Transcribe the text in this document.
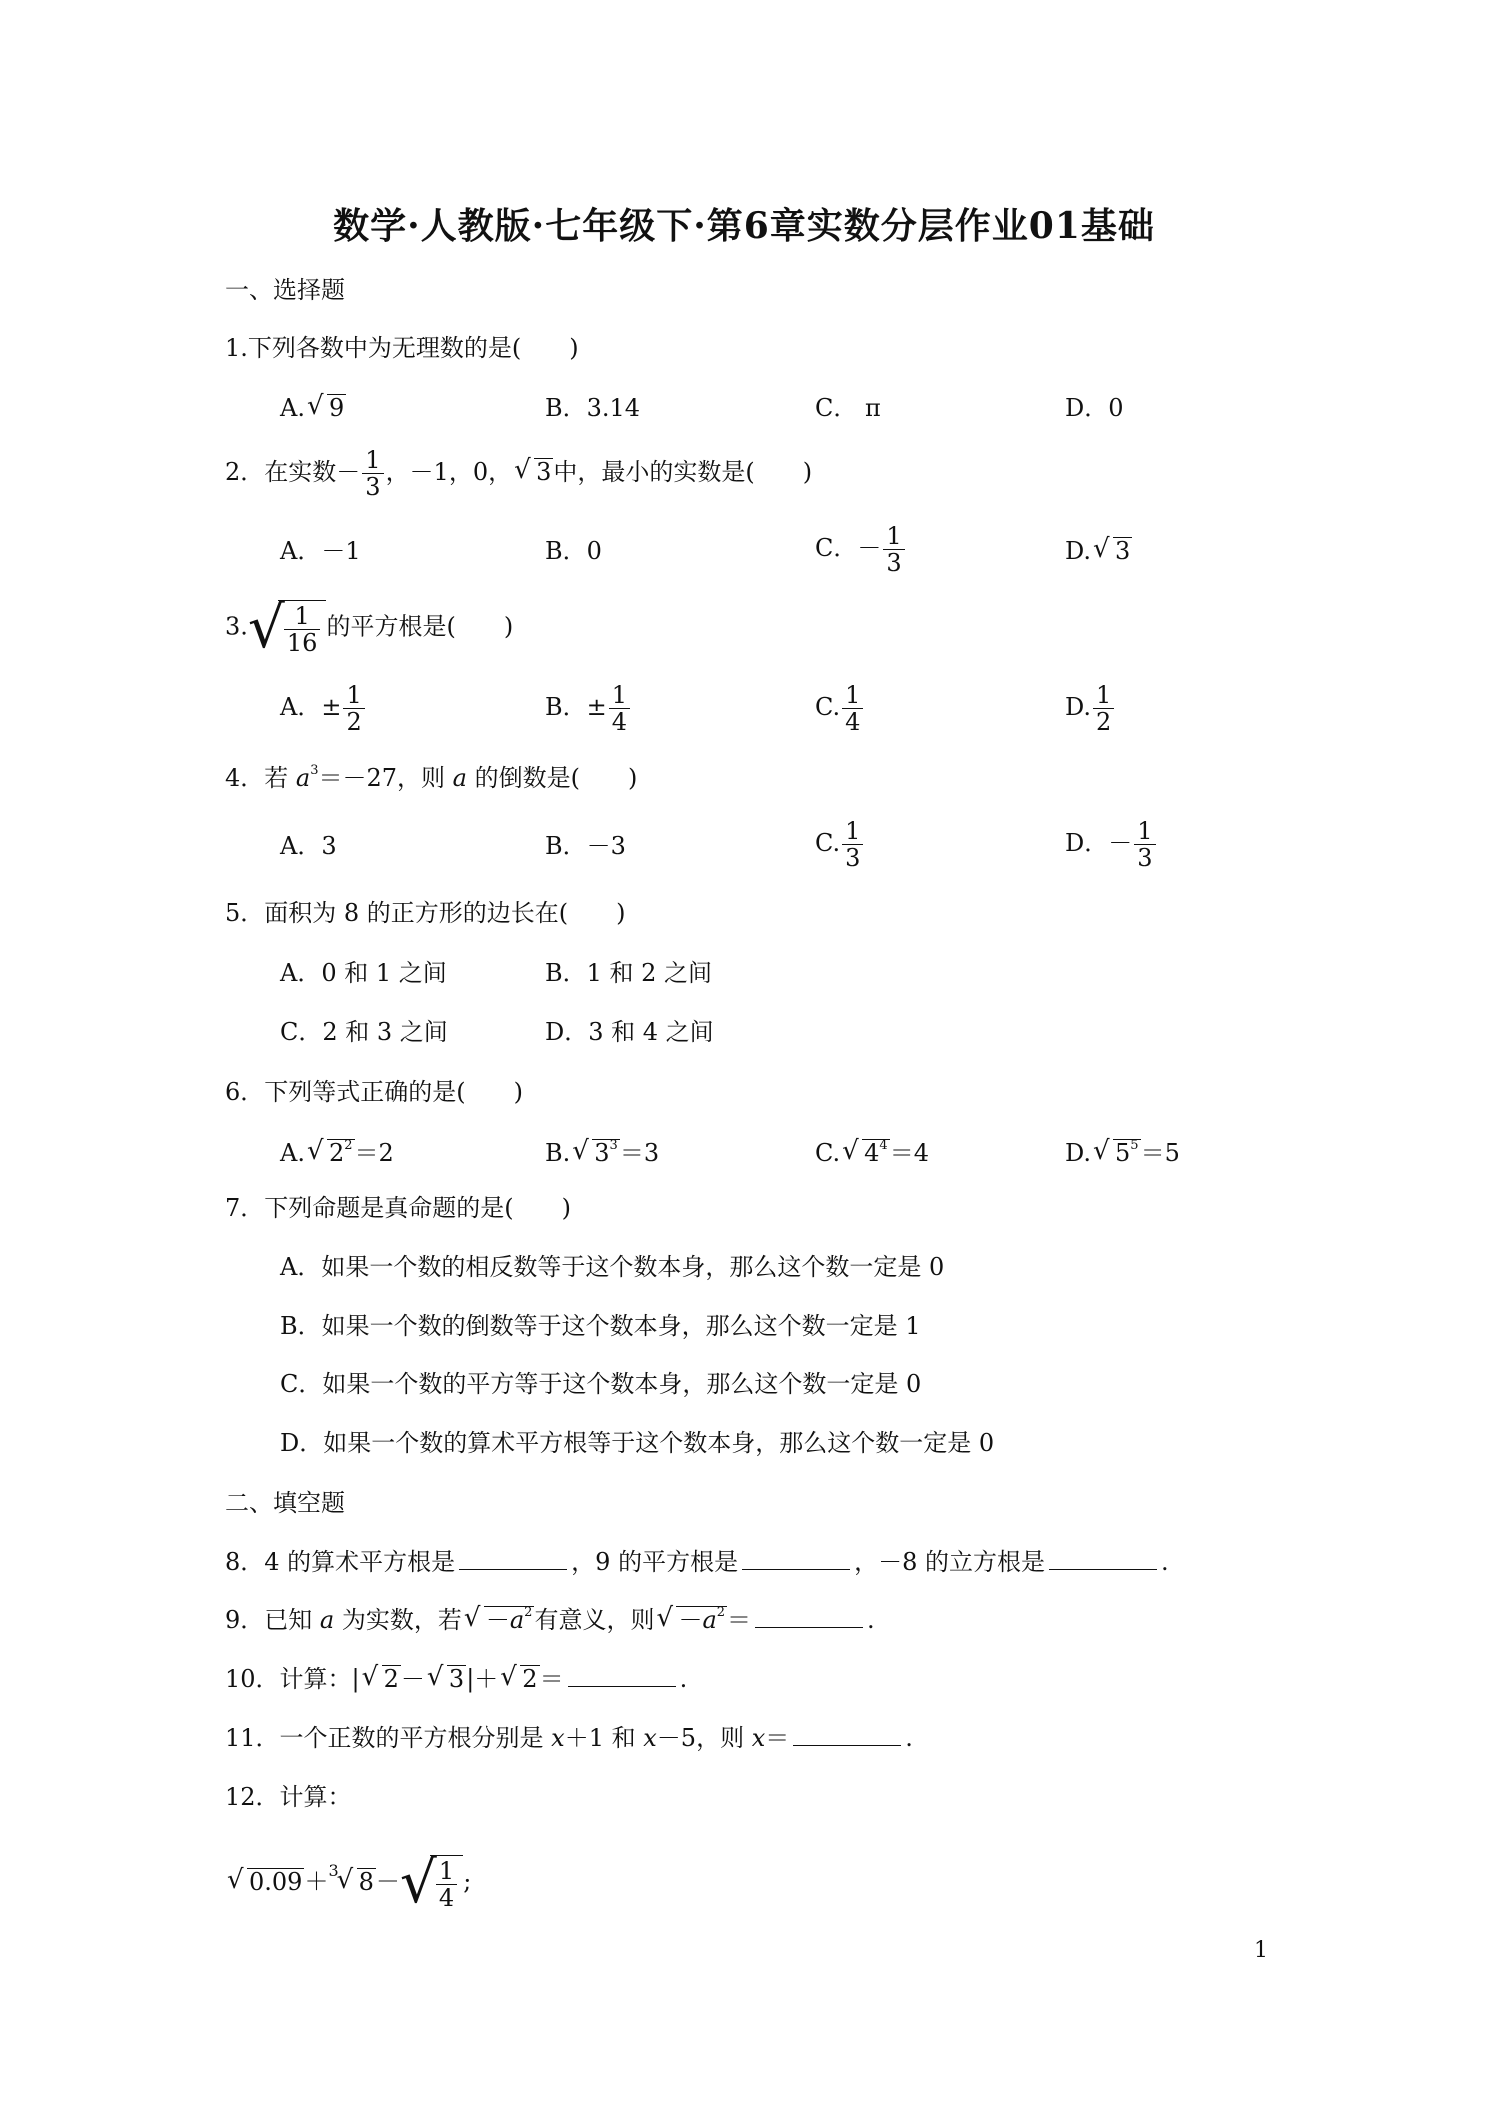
数学·人教版·七年级下·第6章实数分层作业01基础
一、选择题
1.下列各数中为无理数的是(　　)
A. √ 9	B．3.14	C． π	D．0
2．在实数－ $\frac{1}{3}$ ，－1，0， √ 3中，最小的实数是(　　)
A．－1	B．0	C．－ $\frac{1}{3}$	D. √ 3
3. √ $\frac{1}{16}$ 的平方根是(　　)
A．± $\frac{1}{2}$	B．± $\frac{1}{4}$	C. $\frac{1}{4}$	D. $\frac{1}{2}$
4．若 $a^3=-27$，则 a 的倒数是(　　)
A．3	B．－3	C. $\frac{1}{3}$	D．－ $\frac{1}{3}$
5．面积为 8 的正方形的边长在(　　)
A．0 和 1 之间	B．1 和 2 之间
C．2 和 3 之间	D．3 和 4 之间
6．下列等式正确的是(　　)
A. √ $2^2=2$	B. √ $3^3=3$	C. √ $4^4=4$	D. √ $5^5=5$
7．下列命题是真命题的是(　　)
A．如果一个数的相反数等于这个数本身，那么这个数一定是 0
B．如果一个数的倒数等于这个数本身，那么这个数一定是 1
C．如果一个数的平方等于这个数本身，那么这个数一定是 0
D．如果一个数的算术平方根等于这个数本身，那么这个数一定是 0
二、填空题
8．4 的算术平方根是	，9 的平方根是	，－8 的立方根是	.
9．已知 a 为实数，若 √ $-a^2$有意义，则 √ $-a^2=$	.
10．计算：| √ 2－ √ 3|＋ √ 2＝	.
11．一个正数的平方根分别是 x＋1 和 x－5，则 x＝	.
12．计算：
√ 0.09＋$^3$ √ 8－ √ $\frac{1}{4}$ ;
1
